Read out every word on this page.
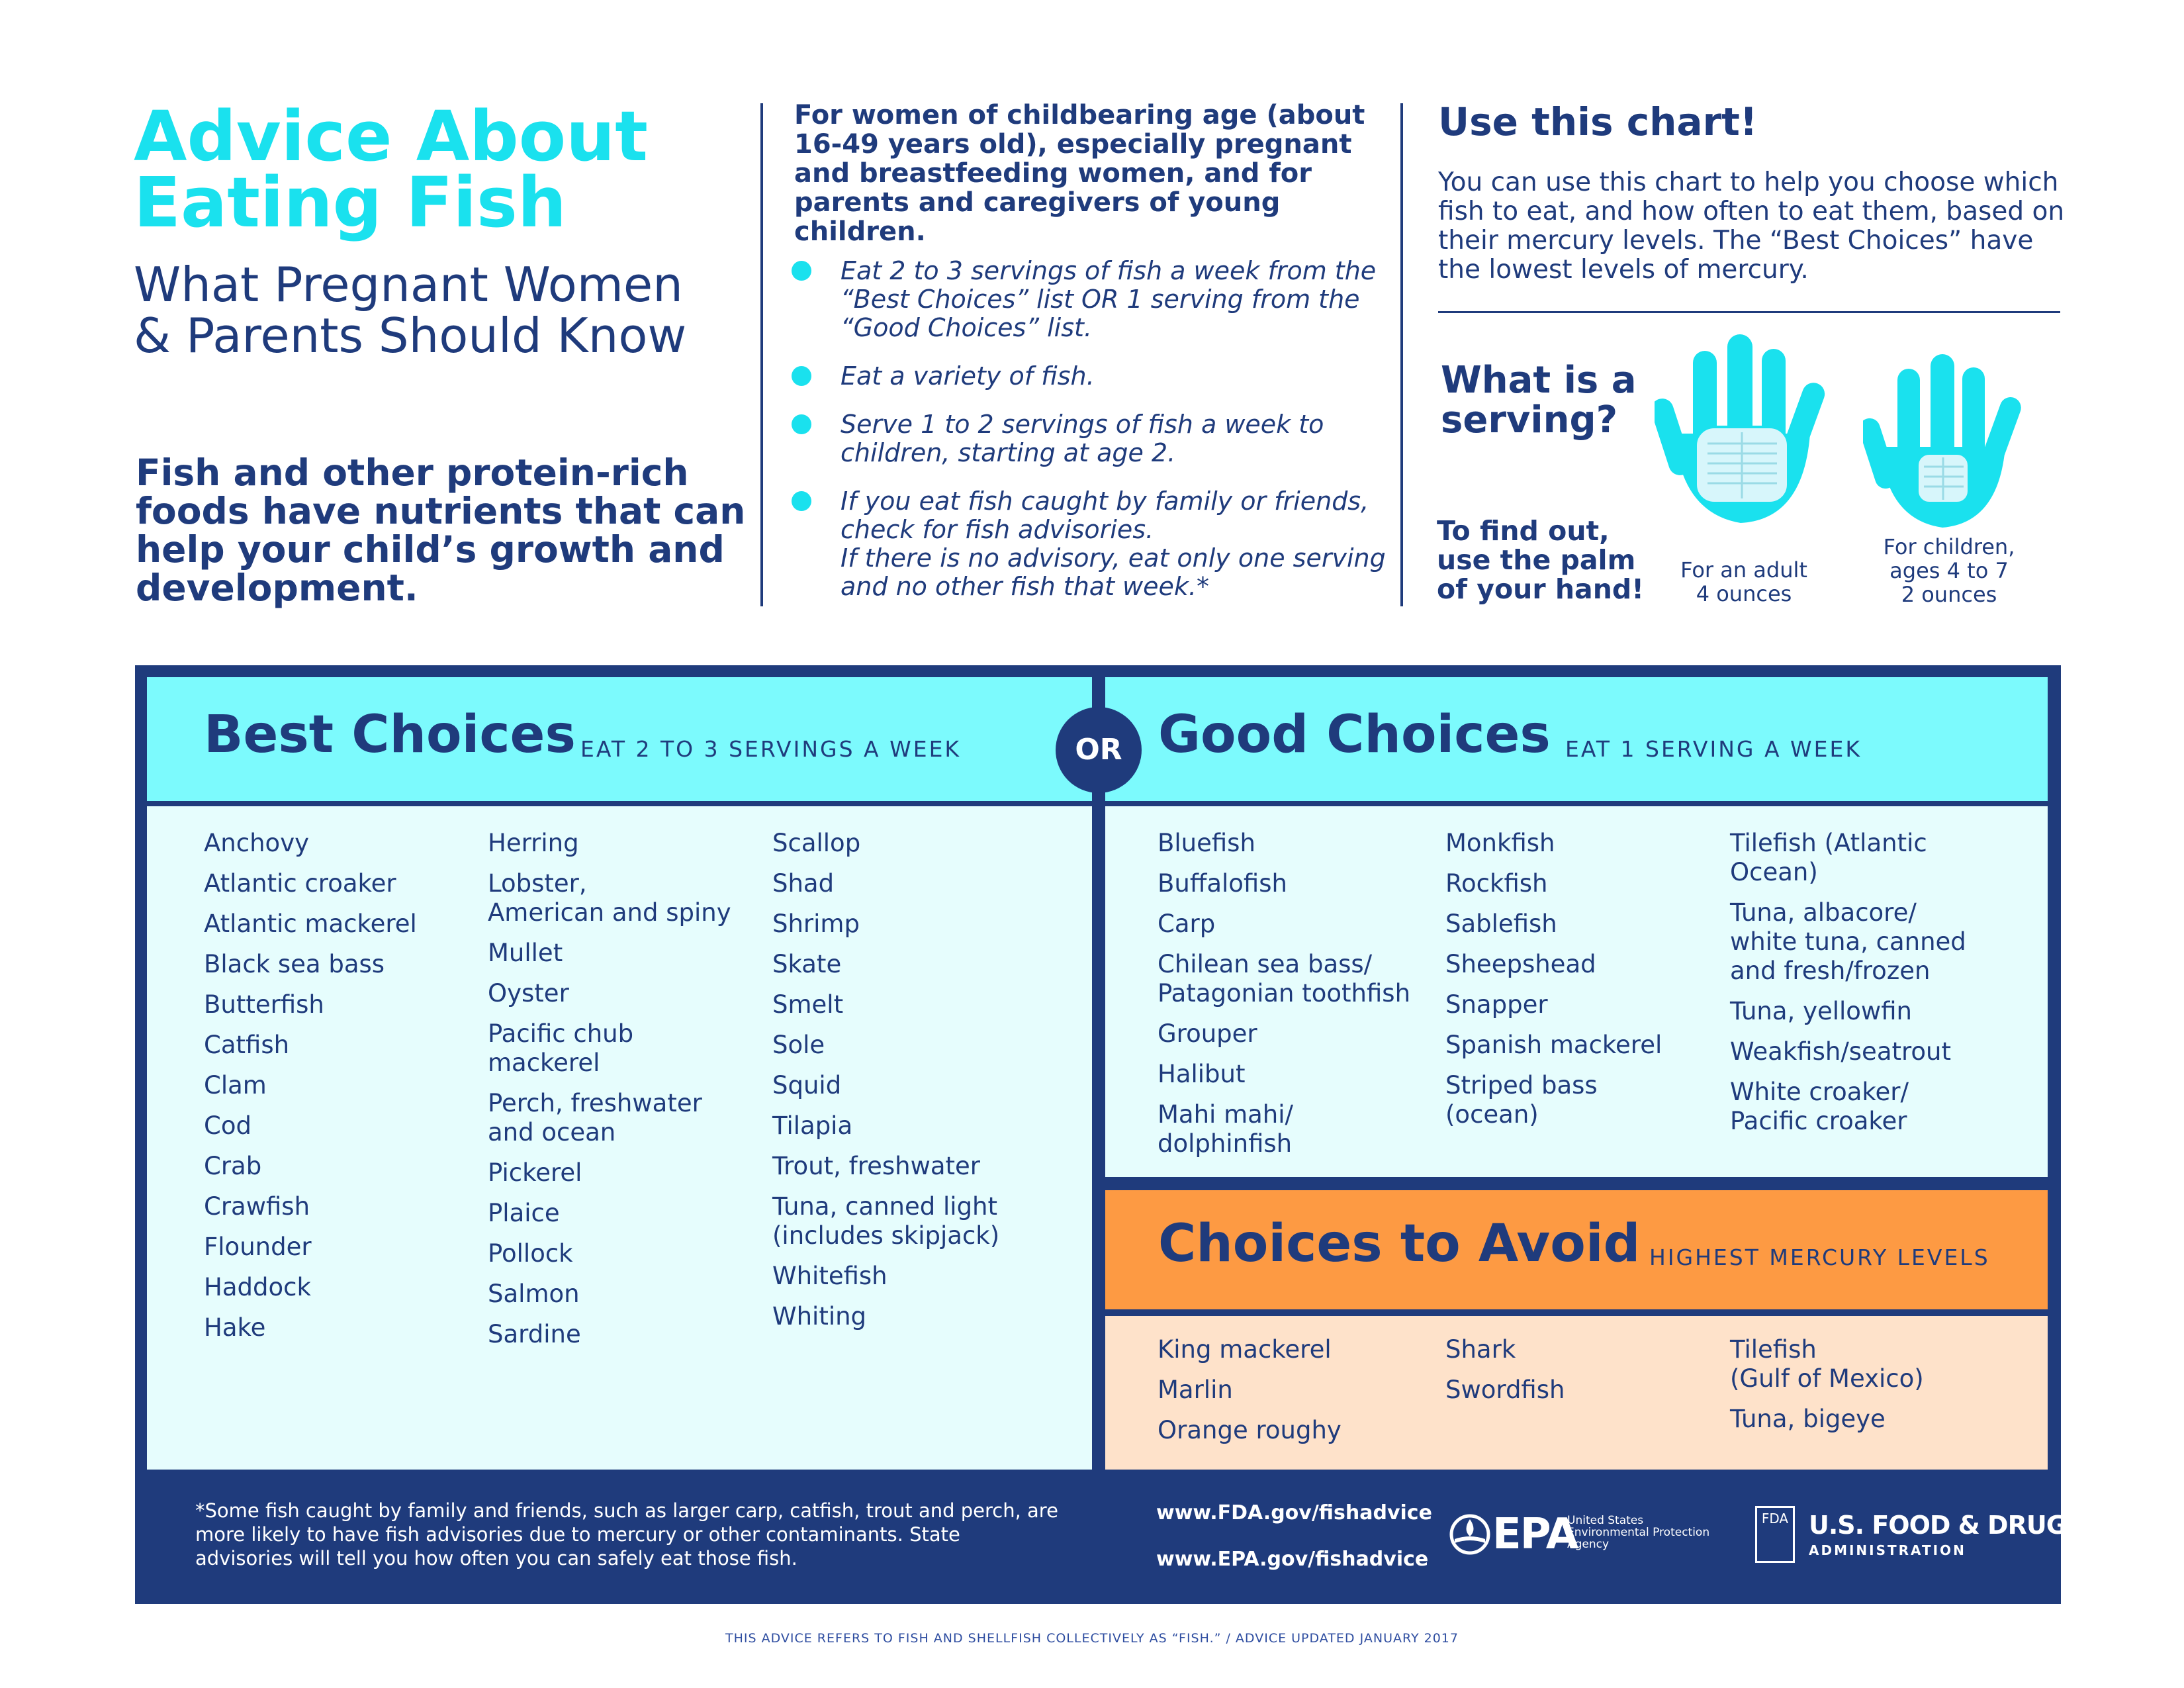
Advice About Eating Fish
What Pregnant Women & Parents Should Know
Fish and other protein-rich foods have nutrients that can help your child’s growth and development.
For women of childbearing age (about 16-49 years old), especially pregnant and breastfeeding women, and for parents and caregivers of young children.
Eat 2 to 3 servings of fish a week from the “Best Choices” list OR 1 serving from the “Good Choices” list.
Eat a variety of fish.
Serve 1 to 2 servings of fish a week to children, starting at age 2.
If you eat fish caught by family or friends, check for fish advisories.
If there is no advisory, eat only one serving and no other fish that week.*
Use this chart!
You can use this chart to help you choose which fish to eat, and how often to eat them, based on their mercury levels. The “Best Choices” have the lowest levels of mercury.
What is a serving?
To find out, use the palm of your hand!
For an adult
4 ounces
For children,
ages 4 to 7
2 ounces
Best Choices EAT 2 TO 3 SERVINGS A WEEK	Good Choices EAT 1 SERVING A WEEK
Choices to Avoid HIGHEST MERCURY LEVELS
OR
Anchovy
Atlantic croaker
Atlantic mackerel
Black sea bass
Butterfish
Catfish
Clam
Cod
Crab
Crawfish
Flounder
Haddock
Hake
Herring
Lobster,
American and spiny
Mullet
Oyster
Pacific chub
mackerel
Perch, freshwater
and ocean
Pickerel
Plaice
Pollock
Salmon
Sardine
Scallop
Shad
Shrimp
Skate
Smelt
Sole
Squid
Tilapia
Trout, freshwater
Tuna, canned light
(includes skipjack)
Whitefish
Whiting
Bluefish
Buffalofish
Carp
Chilean sea bass/
Patagonian toothfish
Grouper
Halibut
Mahi mahi/
dolphinfish
Monkfish
Rockfish
Sablefish
Sheepshead
Snapper
Spanish mackerel
Striped bass
(ocean)
Tilefish (Atlantic
Ocean)
Tuna, albacore/
white tuna, canned
and fresh/frozen
Tuna, yellowfin
Weakfish/seatrout
White croaker/
Pacific croaker
King mackerel
Marlin
Orange roughy
Shark
Swordfish
Tilefish
(Gulf of Mexico)
Tuna, bigeye
*Some fish caught by family and friends, such as larger carp, catfish, trout and perch, are more likely to have fish advisories due to mercury or other contaminants. State advisories will tell you how often you can safely eat those fish.
www.FDA.gov/fishadvice
www.EPA.gov/fishadvice
EPA
United States Environmental Protection Agency
FDA U.S. FOOD & DRUG
ADMINISTRATION
THIS ADVICE REFERS TO FISH AND SHELLFISH COLLECTIVELY AS “FISH.” / ADVICE UPDATED JANUARY 2017
